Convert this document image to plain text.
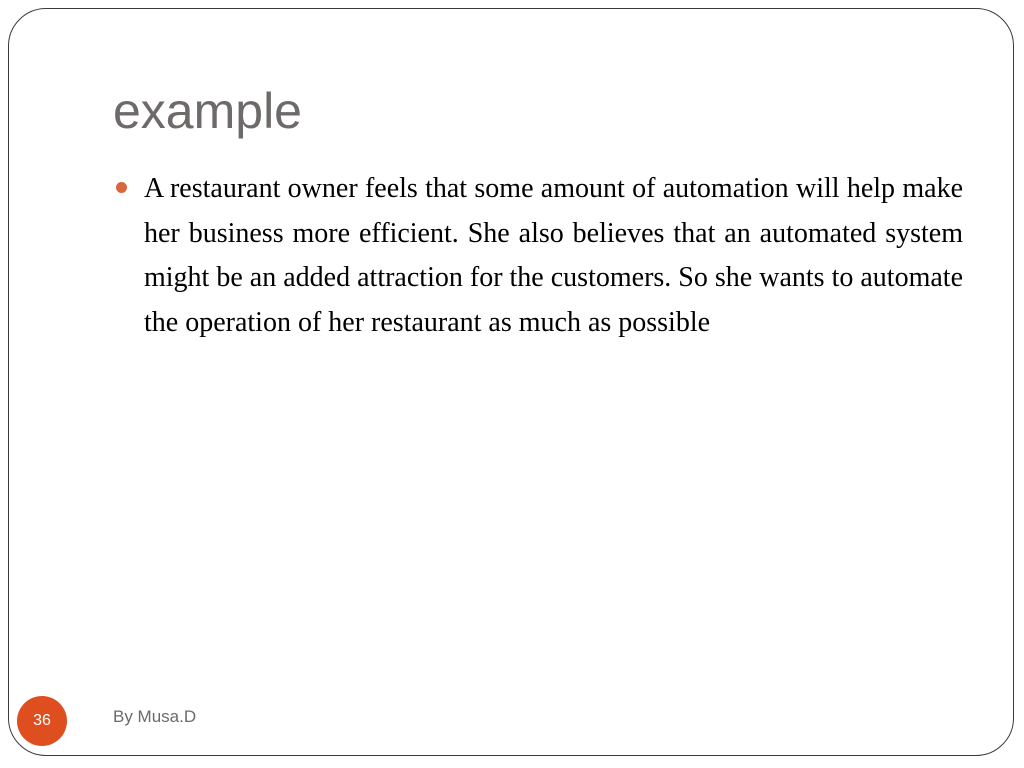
example

A restaurant owner feels that some amount of automation will help make her business more efficient. She also believes that an automated system might be an added attraction for the customers. So she wants to automate the operation of her restaurant as much as possible

36	By Musa.D
